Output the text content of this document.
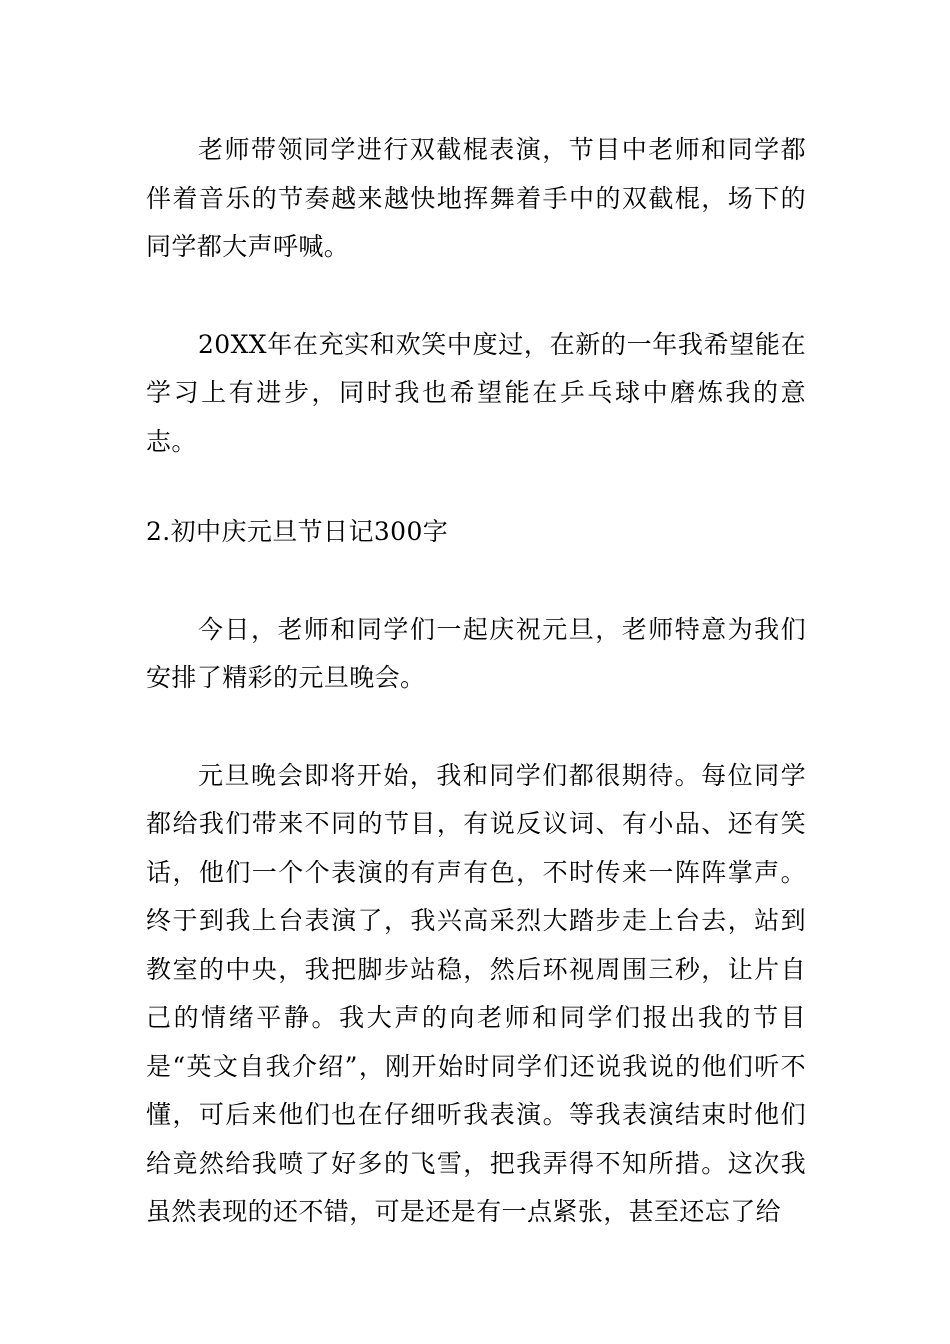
老师带领同学进行双截棍表演，节目中老师和同学都伴着音乐的节奏越来越快地挥舞着手中的双截棍，场下的同学都大声呼喊。

20XX年在充实和欢笑中度过，在新的一年我希望能在学习上有进步，同时我也希望能在乒乓球中磨炼我的意志。

2.初中庆元旦节日记300字

今日，老师和同学们一起庆祝元旦，老师特意为我们安排了精彩的元旦晚会。

元旦晚会即将开始，我和同学们都很期待。每位同学都给我们带来不同的节目，有说反议词、有小品、还有笑话，他们一个个表演的有声有色，不时传来一阵阵掌声。终于到我上台表演了，我兴高采烈大踏步走上台去，站到教室的中央，我把脚步站稳，然后环视周围三秒，让片自己的情绪平静。我大声的向老师和同学们报出我的节目是“英文自我介绍”，刚开始时同学们还说我说的他们听不懂，可后来他们也在仔细听我表演。等我表演结束时他们给竟然给我喷了好多的飞雪，把我弄得不知所措。这次我虽然表现的还不错，可是还是有一点紧张，甚至还忘了给
